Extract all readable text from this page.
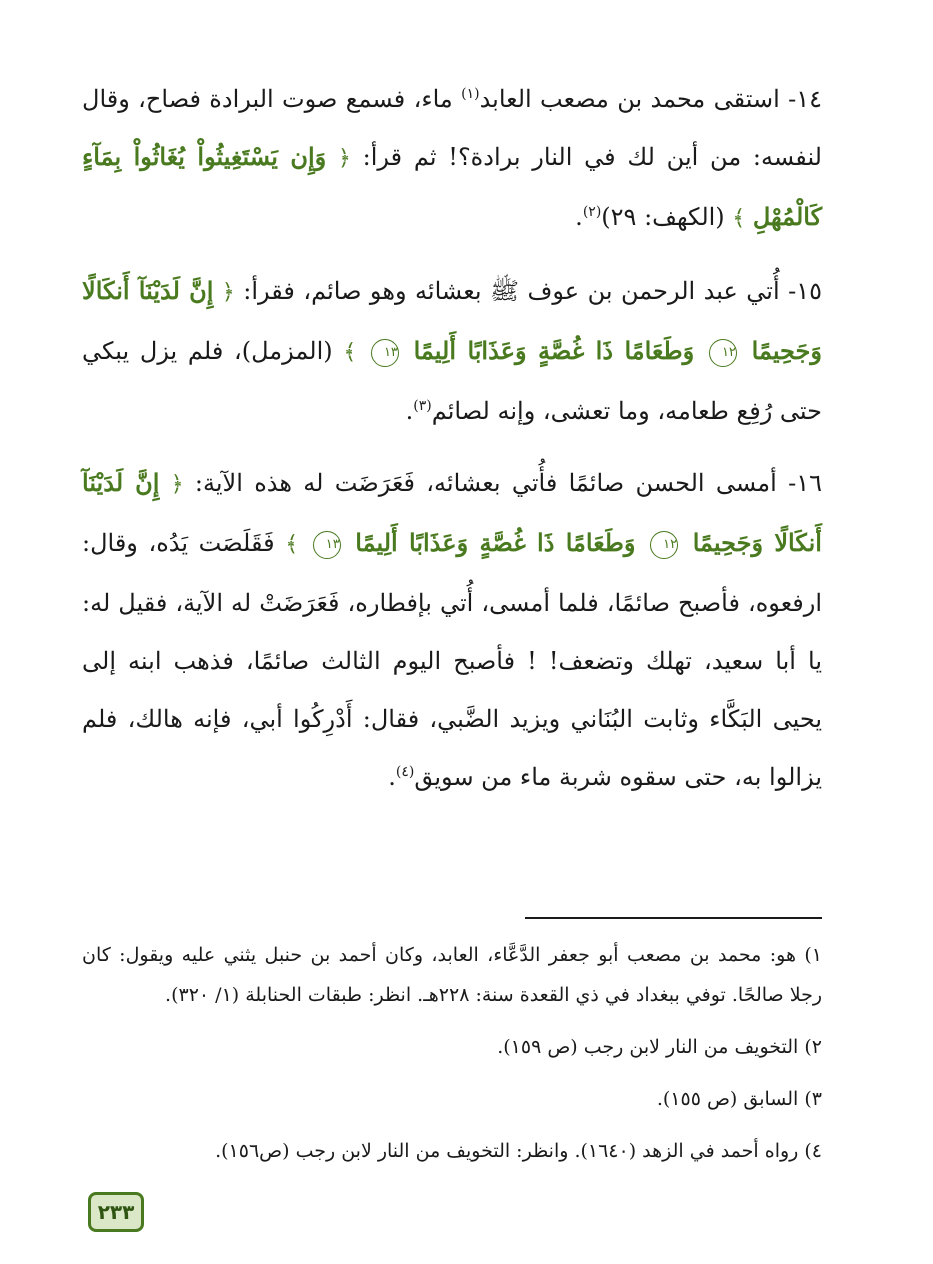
١٤- استقى محمد بن مصعب العابد$^{(١)}$ ماء، فسمع صوت البرادة فصاح، وقال لنفسه: من أين لك في النار برادة؟! ثم قرأ: ﴿ وَإِن يَسْتَغِيثُواْ يُغَاثُواْ بِمَآءٍ كَالْمُهْلِ ﴾ (الكهف: ٢٩)$^{(٢)}$.

١٥- أُتي عبد الرحمن بن عوف ﷺ بعشائه وهو صائم، فقرأ: ﴿ إِنَّ لَدَيْنَآ أَنكَالًا وَجَحِيمًا ١٢ وَطَعَامًا ذَا غُصَّةٍ وَعَذَابًا أَلِيمًا ١٣ ﴾ (المزمل)، فلم يزل يبكي حتى رُفِع طعامه، وما تعشى، وإنه لصائم$^{(٣)}$.

١٦- أمسى الحسن صائمًا فأُتي بعشائه، فَعَرَضَت له هذه الآية: ﴿ إِنَّ لَدَيْنَآ أَنكَالًا وَجَحِيمًا ١٢ وَطَعَامًا ذَا غُصَّةٍ وَعَذَابًا أَلِيمًا ١٣ ﴾ فَقَلَصَت يَدُه، وقال: ارفعوه، فأصبح صائمًا، فلما أمسى، أُتي بإفطاره، فَعَرَضَتْ له الآية، فقيل له: يا أبا سعيد، تهلك وتضعف! ! فأصبح اليوم الثالث صائمًا، فذهب ابنه إلى يحيى البَكَّاء وثابت البُنَاني ويزيد الضَّبي، فقال: أَدْرِكُوا أبي، فإنه هالك، فلم يزالوا به، حتى سقوه شربة ماء من سويق$^{(٤)}$.

١) هو: محمد بن مصعب أبو جعفر الدَّعَّاء، العابد، وكان أحمد بن حنبل يثني عليه ويقول: كان رجلا صالحًا. توفي ببغداد في ذي القعدة سنة: ٢٢٨هـ. انظر: طبقات الحنابلة (١/ ٣٢٠).

٢) التخويف من النار لابن رجب (ص ١٥٩).

٣) السابق (ص ١٥٥).

٤) رواه أحمد في الزهد (١٦٤٠). وانظر: التخويف من النار لابن رجب (ص١٥٦).

٢٣٣
